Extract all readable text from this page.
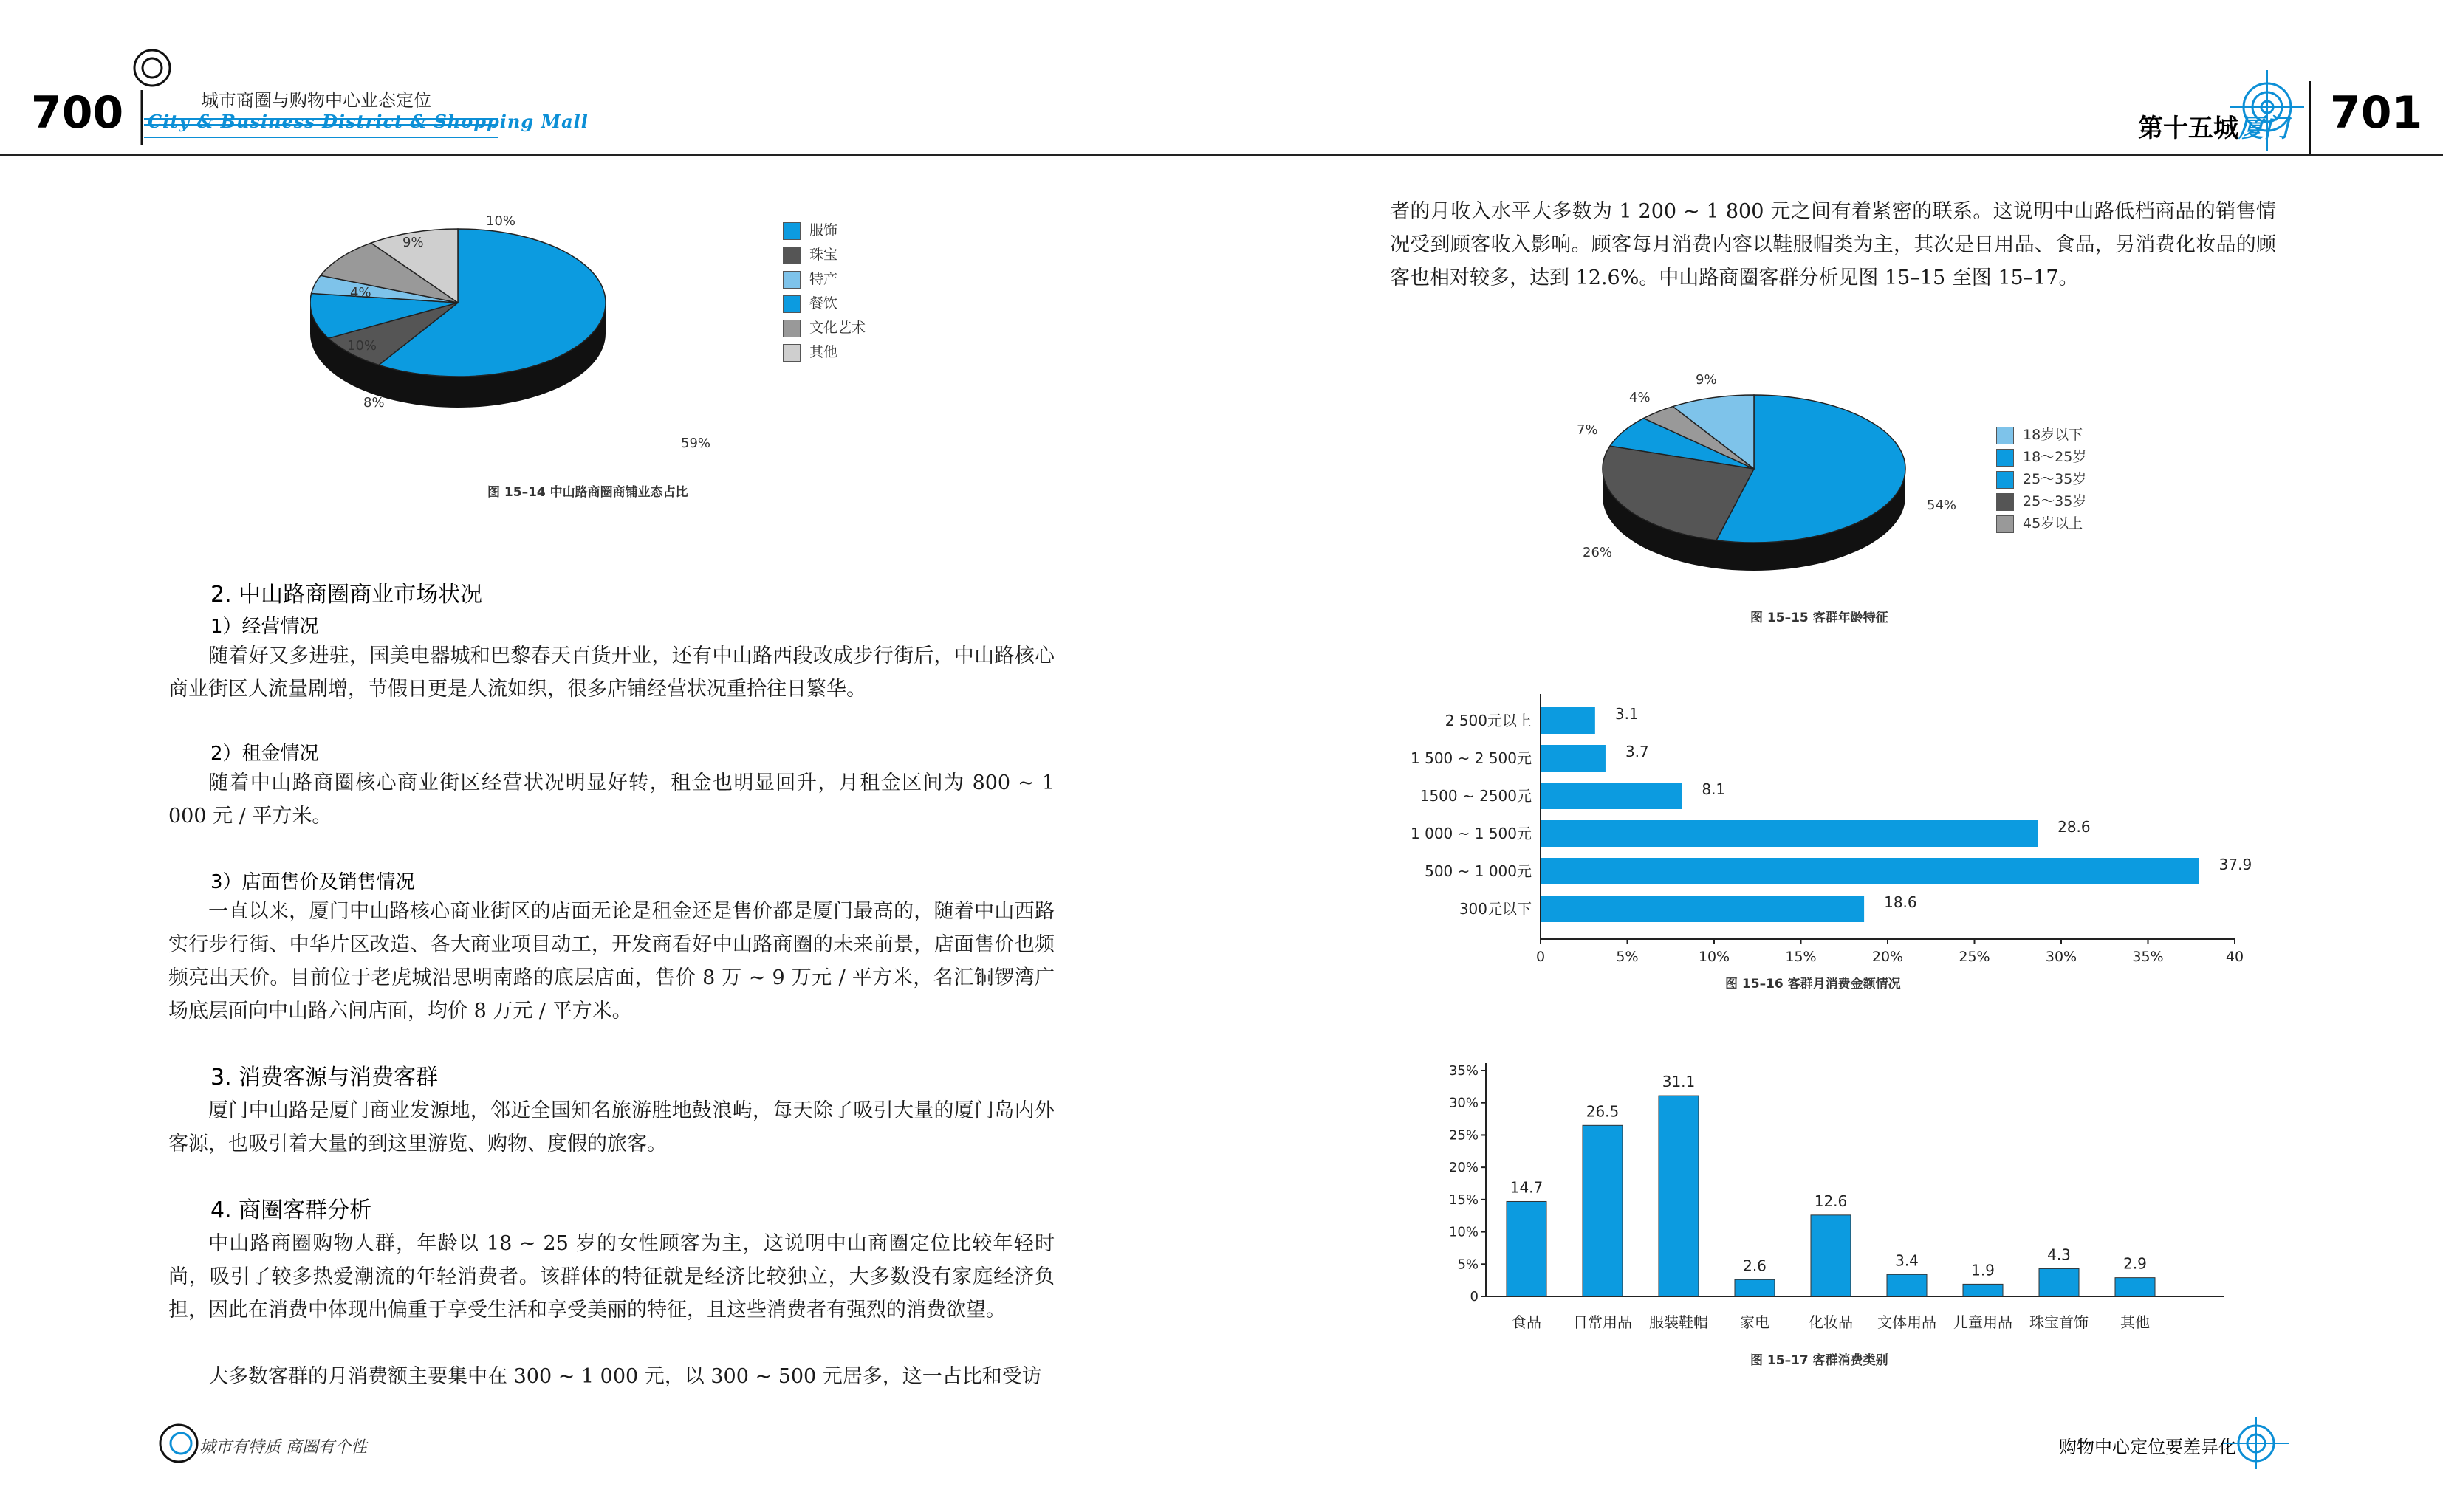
700	城市商圈与购物中心业态定位
City & Business District & Shopping Mall	第十五城厦门 701
10%
9%
4%
10%
8%
59%
服饰
珠宝
特产
餐饮
文化艺术
其他
图 15–14 中山路商圈商铺业态占比
2. 中山路商圈商业市场状况
1）经营情况
随着好又多进驻，国美电器城和巴黎春天百货开业，还有中山路西段改成步行街后，中山路核心商业街区人流量剧增，节假日更是人流如织，很多店铺经营状况重拾往日繁华。
2）租金情况
随着中山路商圈核心商业街区经营状况明显好转，租金也明显回升，月租金区间为 800 ~ 1 000 元 / 平方米。
3）店面售价及销售情况
一直以来，厦门中山路核心商业街区的店面无论是租金还是售价都是厦门最高的，随着中山西路实行步行街、中华片区改造、各大商业项目动工，开发商看好中山路商圈的未来前景，店面售价也频频亮出天价。目前位于老虎城沿思明南路的底层店面，售价 8 万 ~ 9 万元 / 平方米，名汇铜锣湾广场底层面向中山路六间店面，均价 8 万元 / 平方米。
3. 消费客源与消费客群
厦门中山路是厦门商业发源地，邻近全国知名旅游胜地鼓浪屿，每天除了吸引大量的厦门岛内外客源，也吸引着大量的到这里游览、购物、度假的旅客。
4. 商圈客群分析
中山路商圈购物人群，年龄以 18 ~ 25 岁的女性顾客为主，这说明中山商圈定位比较年轻时尚，吸引了较多热爱潮流的年轻消费者。该群体的特征就是经济比较独立，大多数没有家庭经济负担，因此在消费中体现出偏重于享受生活和享受美丽的特征，且这些消费者有强烈的消费欲望。
大多数客群的月消费额主要集中在 300 ~ 1 000 元，以 300 ~ 500 元居多，这一占比和受访
城市有特质 商圈有个性
者的月收入水平大多数为 1 200 ~ 1 800 元之间有着紧密的联系。这说明中山路低档商品的销售情况受到顾客收入影响。顾客每月消费内容以鞋服帽类为主，其次是日用品、食品，另消费化妆品的顾客也相对较多，达到 12.6%。中山路商圈客群分析见图 15–15 至图 15–17。
9%
4%
7%
26%
54%
18岁以下
18～25岁
25～35岁
25～35岁
45岁以上
图 15–15 客群年龄特征
2 500元以上	3.1
1 500 ~ 2 500元	3.7
1500 ~ 2500元	8.1
1 000 ~ 1 500元	28.6
500 ~ 1 000元	37.9
300元以下	18.6
0	5%	10%	15%	20%	25%	30%	35%	40
图 15–16 客群月消费金额情况
0
5%
10%
15%
20%
25%
30%
35%
14.7
食品
26.5
日常用品
31.1
服装鞋帽
2.6
家电
12.6
化妆品
3.4
文体用品
1.9
儿童用品
4.3
珠宝首饰
2.9
其他
图 15–17 客群消费类别
购物中心定位要差异化
